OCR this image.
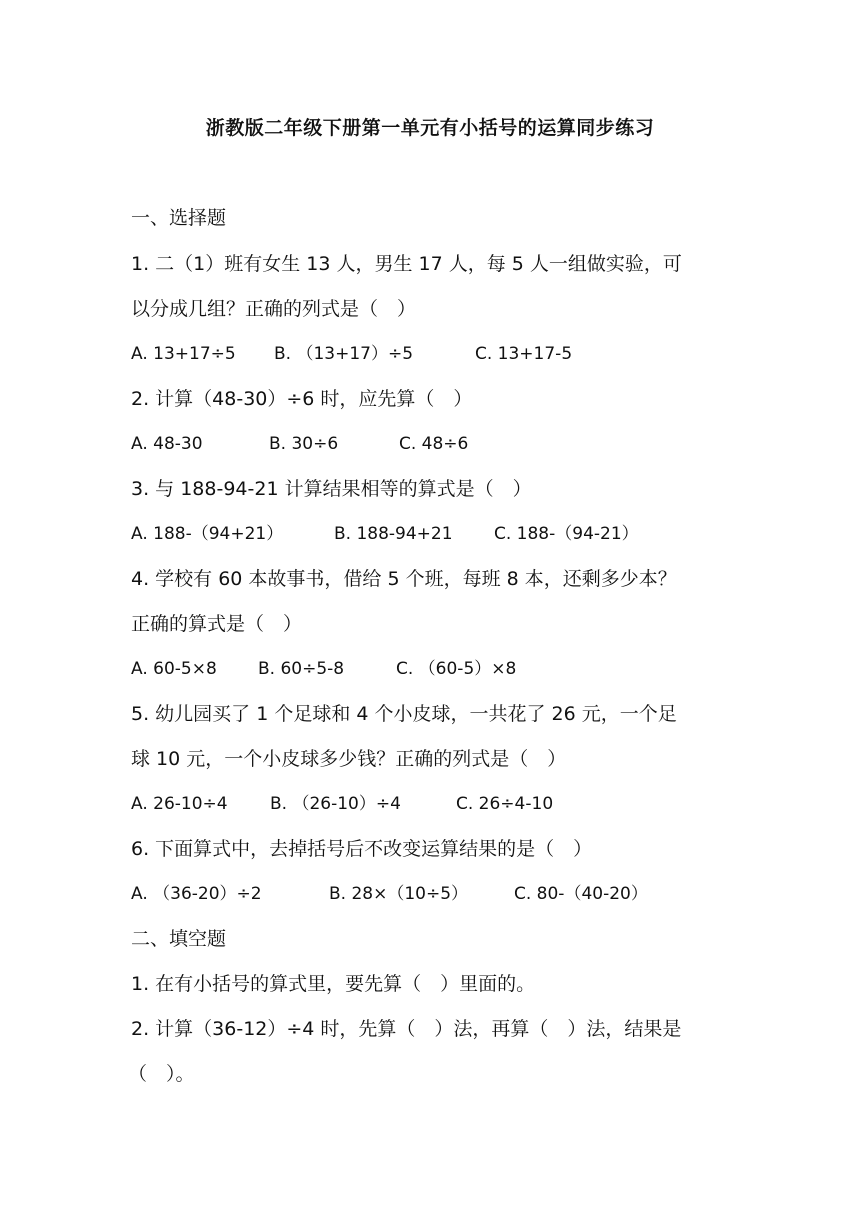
浙教版二年级下册第一单元有小括号的运算同步练习
一、选择题
1. 二（1）班有女生 13 人，男生 17 人，每 5 人一组做实验，可
以分成几组？正确的列式是（　）
A. 13+17÷5 B. （13+17）÷5	C. 13+17-5
2. 计算（48-30）÷6 时，应先算（　）
A. 48-30	B. 30÷6	C. 48÷6
3. 与 188-94-21 计算结果相等的算式是（　）
A. 188-（94+21）	B. 188-94+21 C. 188-（94-21）
4. 学校有 60 本故事书，借给 5 个班，每班 8 本，还剩多少本？
正确的算式是（　）
A. 60-5×8 B. 60÷5-8	C. （60-5）×8
5. 幼儿园买了 1 个足球和 4 个小皮球，一共花了 26 元，一个足
球 10 元，一个小皮球多少钱？正确的列式是（　）
A. 26-10÷4 B. （26-10）÷4	C. 26÷4-10
6. 下面算式中，去掉括号后不改变运算结果的是（　）
A. （36-20）÷2	B. 28×（10÷5）	C. 80-（40-20）
二、填空题
1. 在有小括号的算式里，要先算（　）里面的。
2. 计算（36-12）÷4 时，先算（　）法，再算（　）法，结果是
（　）。
